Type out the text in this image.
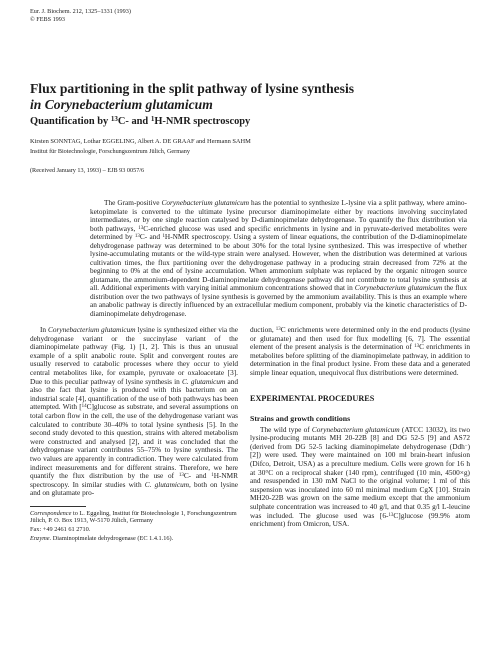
Eur. J. Biochem. 212, 1325–1331 (1993)
© FEBS 1993
Flux partitioning in the split pathway of lysine synthesis
in Corynebacterium glutamicum
Quantification by $^{13}$C- and $^1$H-NMR spectroscopy
Kirsten SONNTAG, Lothar EGGELING, Albert A. DE GRAAF and Hermann SAHM
Institut für Biotechnologie, Forschungszentrum Jülich, Germany
(Received January 13, 1993) – EJB 93 0057/6
The Gram-positive Corynebacterium glutamicum has the potential to synthesize L-lysine via a split pathway, where amino-ketopimelate is converted to the ultimate lysine precursor diaminopimelate either by reactions involving succinylated intermediates, or by one single reaction catalysed by D-diaminopimelate dehydrogenase. To quantify the flux distribution via both pathways, $^{13}$C-enriched glucose was used and specific enrichments in lysine and in pyruvate-derived metabolites were determined by $^{13}$C- and $^1$H-NMR spectroscopy. Using a system of linear equations, the contribution of the D-diaminopimelate dehydrogenase pathway was determined to be about 30% for the total lysine synthesized. This was irrespective of whether lysine-accumulating mutants or the wild-type strain were analysed. However, when the distribution was determined at various cultivation times, the flux partitioning over the dehydrogenase pathway in a producing strain decreased from 72% at the beginning to 0% at the end of lysine accumulation. When ammonium sulphate was replaced by the organic nitrogen source glutamate, the ammonium-dependent D-diaminopimelate dehydrogenase pathway did not contribute to total lysine synthesis at all. Additional experiments with varying initial ammonium concentrations showed that in Corynebacterium glutamicum the flux distribution over the two pathways of lysine synthesis is governed by the ammonium availability. This is thus an example where an anabolic pathway is directly influenced by an extracellular medium component, probably via the kinetic characteristics of D-diaminopimelate dehydrogenase.

In Corynebacterium glutamicum lysine is synthesized either via the dehydrogenase variant or the succinylase variant of the diaminopimelate pathway (Fig. 1) [1, 2]. This is thus an unusual example of a split anabolic route. Split and convergent routes are usually reserved to catabolic processes where they occur to yield central metabolites like, for example, pyruvate or oxaloacetate [3]. Due to this peculiar pathway of lysine synthesis in C. glutamicum and also the fact that lysine is produced with this bacterium on an industrial scale [4], quantification of the use of both pathways has been attempted. With [$^{14}$C]glucose as substrate, and several assumptions on total carbon flow in the cell, the use of the dehydrogenase variant was calculated to contribute 30–40% to total lysine synthesis [5]. In the second study devoted to this question, strains with altered metabolism were constructed and analysed [2], and it was concluded that the dehydrogenase variant contributes 55–75% to lysine synthesis. The two values are apparently in contradiction. They were calculated from indirect measurements and for different strains. Therefore, we here quantify the flux distribution by the use of $^{13}$C- and $^1$H-NMR spectroscopy. In similar studies with C. glutamicum, both on lysine and on glutamate pro-

Correspondence to L. Eggeling, Institut für Biotechnologie 1, Forschungszentrum Jülich, P. O. Box 1913, W-5170 Jülich, Germany

Fax: +49 2461 61 2710.

Enzyme. Diaminopimelate dehydrogenase (EC 1.4.1.16).

duction, $^{13}$C enrichments were determined only in the end products (lysine or glutamate) and then used for flux modelling [6, 7]. The essential element of the present analysis is the determination of $^{13}$C enrichments in metabolites before splitting of the diaminopimelate pathway, in addition to determination in the final product lysine. From these data and a generated simple linear equation, unequivocal flux distributions were determined.

EXPERIMENTAL PROCEDURES
Strains and growth conditions

The wild type of Corynebacterium glutamicum (ATCC 13032), its two lysine-producing mutants MH 20-22B [8] and DG 52-5 [9] and AS72 (derived from DG 52-5 lacking diaminopimelate dehydrogenase (Ddh−) [2]) were used. They were maintained on 100 ml brain-heart infusion (Difco, Detroit, USA) as a preculture medium. Cells were grown for 16 h at 30°C on a reciprocal shaker (140 rpm), centrifuged (10 min, 4500×g) and resuspended in 130 mM NaCl to the original volume; 1 ml of this suspension was inoculated into 60 ml minimal medium CgX [10]. Strain MH20-22B was grown on the same medium except that the ammonium sulphate concentration was increased to 40 g/l, and that 0.35 g/l L-leucine was included. The glucose used was [6-$^{13}$C]glucose (99.9% atom enrichment) from Omicron, USA.
